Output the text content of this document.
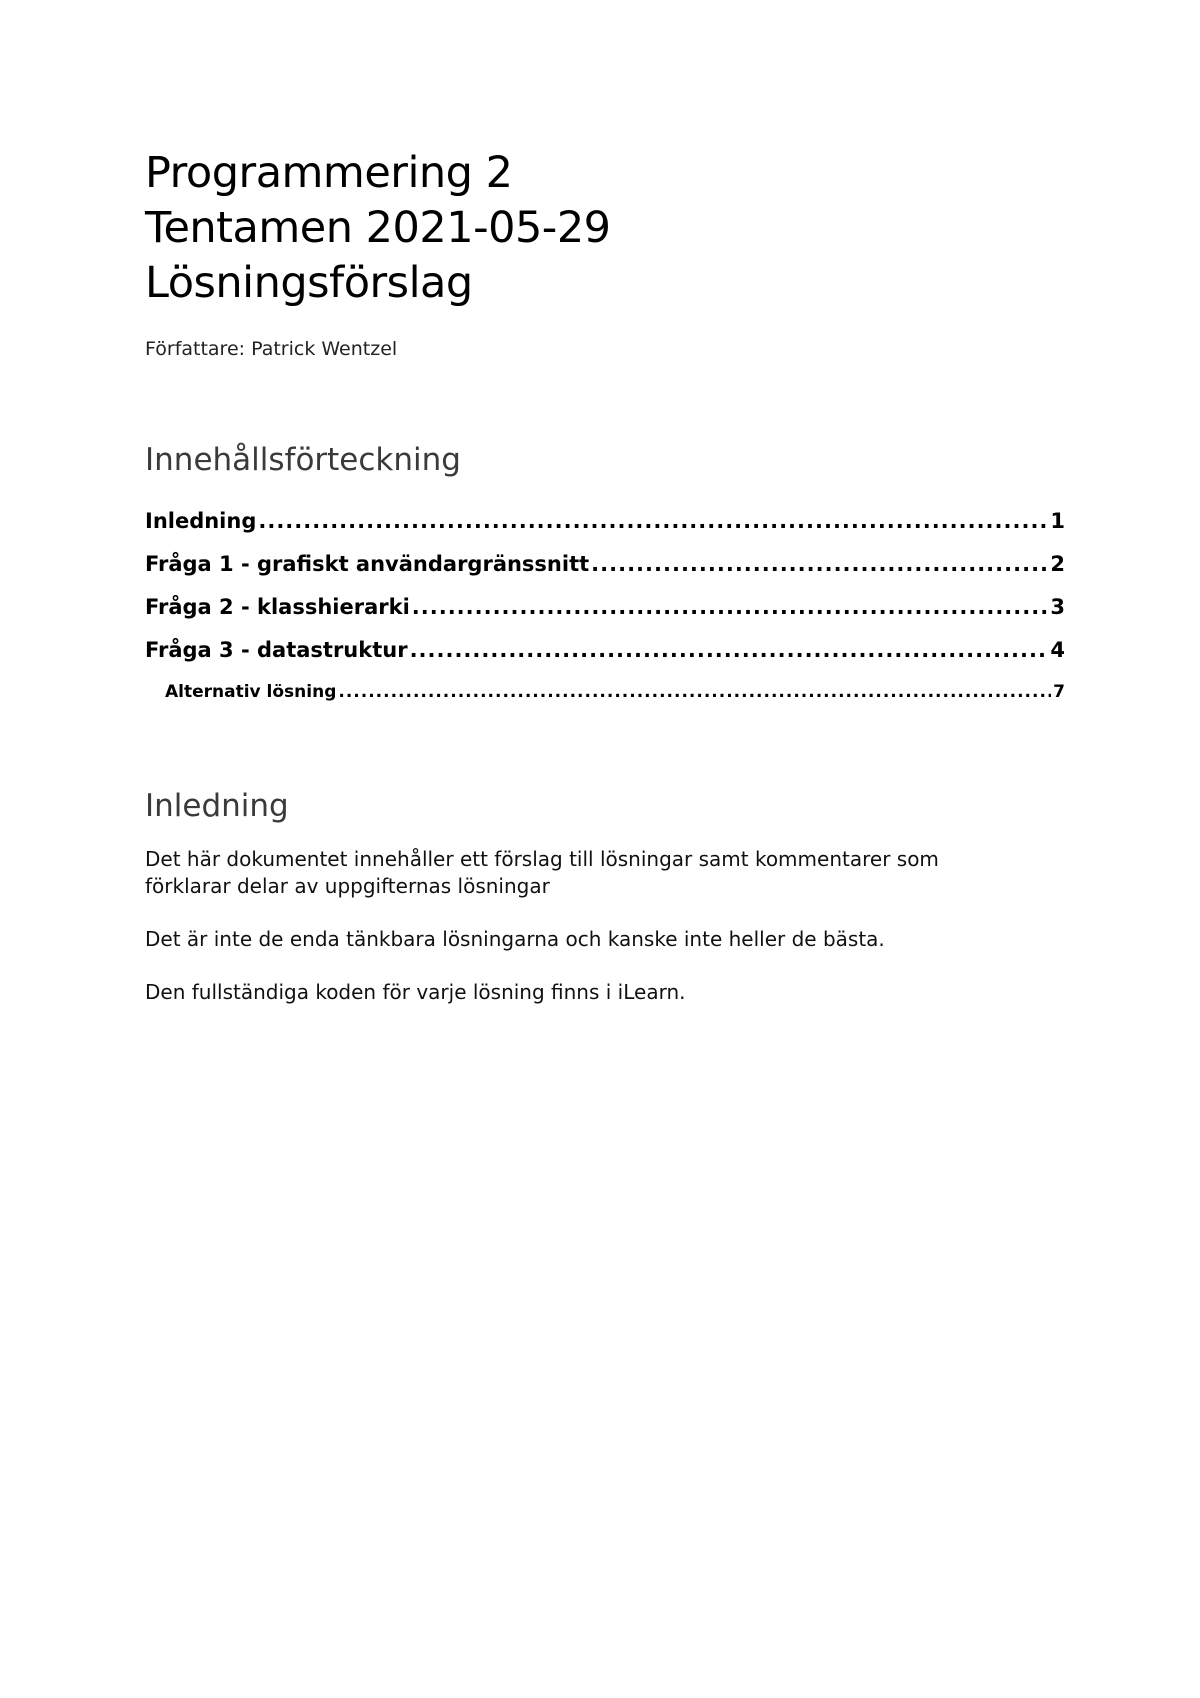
Programmering 2
Tentamen 2021-05-29
Lösningsförslag
Författare: Patrick Wentzel
Innehållsförteckning
Inledning .....	1
Fråga 1 - grafiskt användargränssnitt .....	2
Fråga 2 - klasshierarki .....	3
Fråga 3 - datastruktur .....	4
Alternativ lösning .....	7
Inledning

Det här dokumentet innehåller ett förslag till lösningar samt kommentarer som förklarar delar av uppgifternas lösningar

Det är inte de enda tänkbara lösningarna och kanske inte heller de bästa.

Den fullständiga koden för varje lösning finns i iLearn.
